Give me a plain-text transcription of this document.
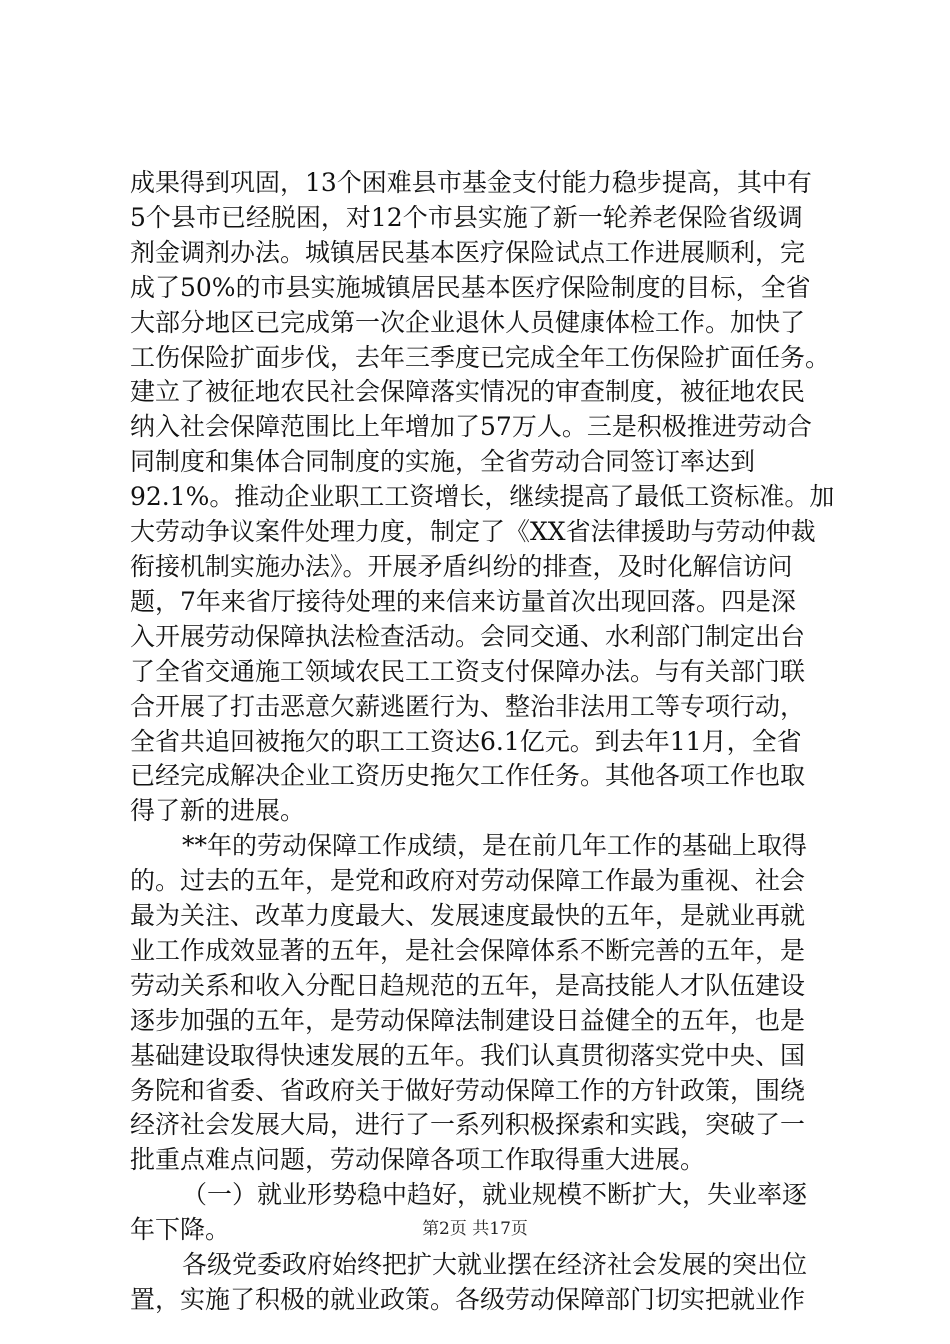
成果得到巩固，13个困难县市基金支付能力稳步提高，其中有
5个县市已经脱困，对12个市县实施了新一轮养老保险省级调
剂金调剂办法。城镇居民基本医疗保险试点工作进展顺利，完
成了50%的市县实施城镇居民基本医疗保险制度的目标，全省
大部分地区已完成第一次企业退休人员健康体检工作。加快了
工伤保险扩面步伐，去年三季度已完成全年工伤保险扩面任务。
建立了被征地农民社会保障落实情况的审查制度，被征地农民
纳入社会保障范围比上年增加了57万人。三是积极推进劳动合
同制度和集体合同制度的实施，全省劳动合同签订率达到
92.1%。推动企业职工工资增长，继续提高了最低工资标准。加
大劳动争议案件处理力度，制定了《XX省法律援助与劳动仲裁
衔接机制实施办法》。开展矛盾纠纷的排查，及时化解信访问
题，7年来省厅接待处理的来信来访量首次出现回落。四是深
入开展劳动保障执法检查活动。会同交通、水利部门制定出台
了全省交通施工领域农民工工资支付保障办法。与有关部门联
合开展了打击恶意欠薪逃匿行为、整治非法用工等专项行动，
全省共追回被拖欠的职工工资达6.1亿元。到去年11月，全省
已经完成解决企业工资历史拖欠工作任务。其他各项工作也取
得了新的进展。

**年的劳动保障工作成绩，是在前几年工作的基础上取得
的。过去的五年，是党和政府对劳动保障工作最为重视、社会
最为关注、改革力度最大、发展速度最快的五年，是就业再就
业工作成效显著的五年，是社会保障体系不断完善的五年，是
劳动关系和收入分配日趋规范的五年，是高技能人才队伍建设
逐步加强的五年，是劳动保障法制建设日益健全的五年，也是
基础建设取得快速发展的五年。我们认真贯彻落实党中央、国
务院和省委、省政府关于做好劳动保障工作的方针政策，围绕
经济社会发展大局，进行了一系列积极探索和实践，突破了一
批重点难点问题，劳动保障各项工作取得重大进展。

（一）就业形势稳中趋好，就业规模不断扩大，失业率逐
年下降。

各级党委政府始终把扩大就业摆在经济社会发展的突出位
置，实施了积极的就业政策。各级劳动保障部门切实把就业作

第2页 共17页
